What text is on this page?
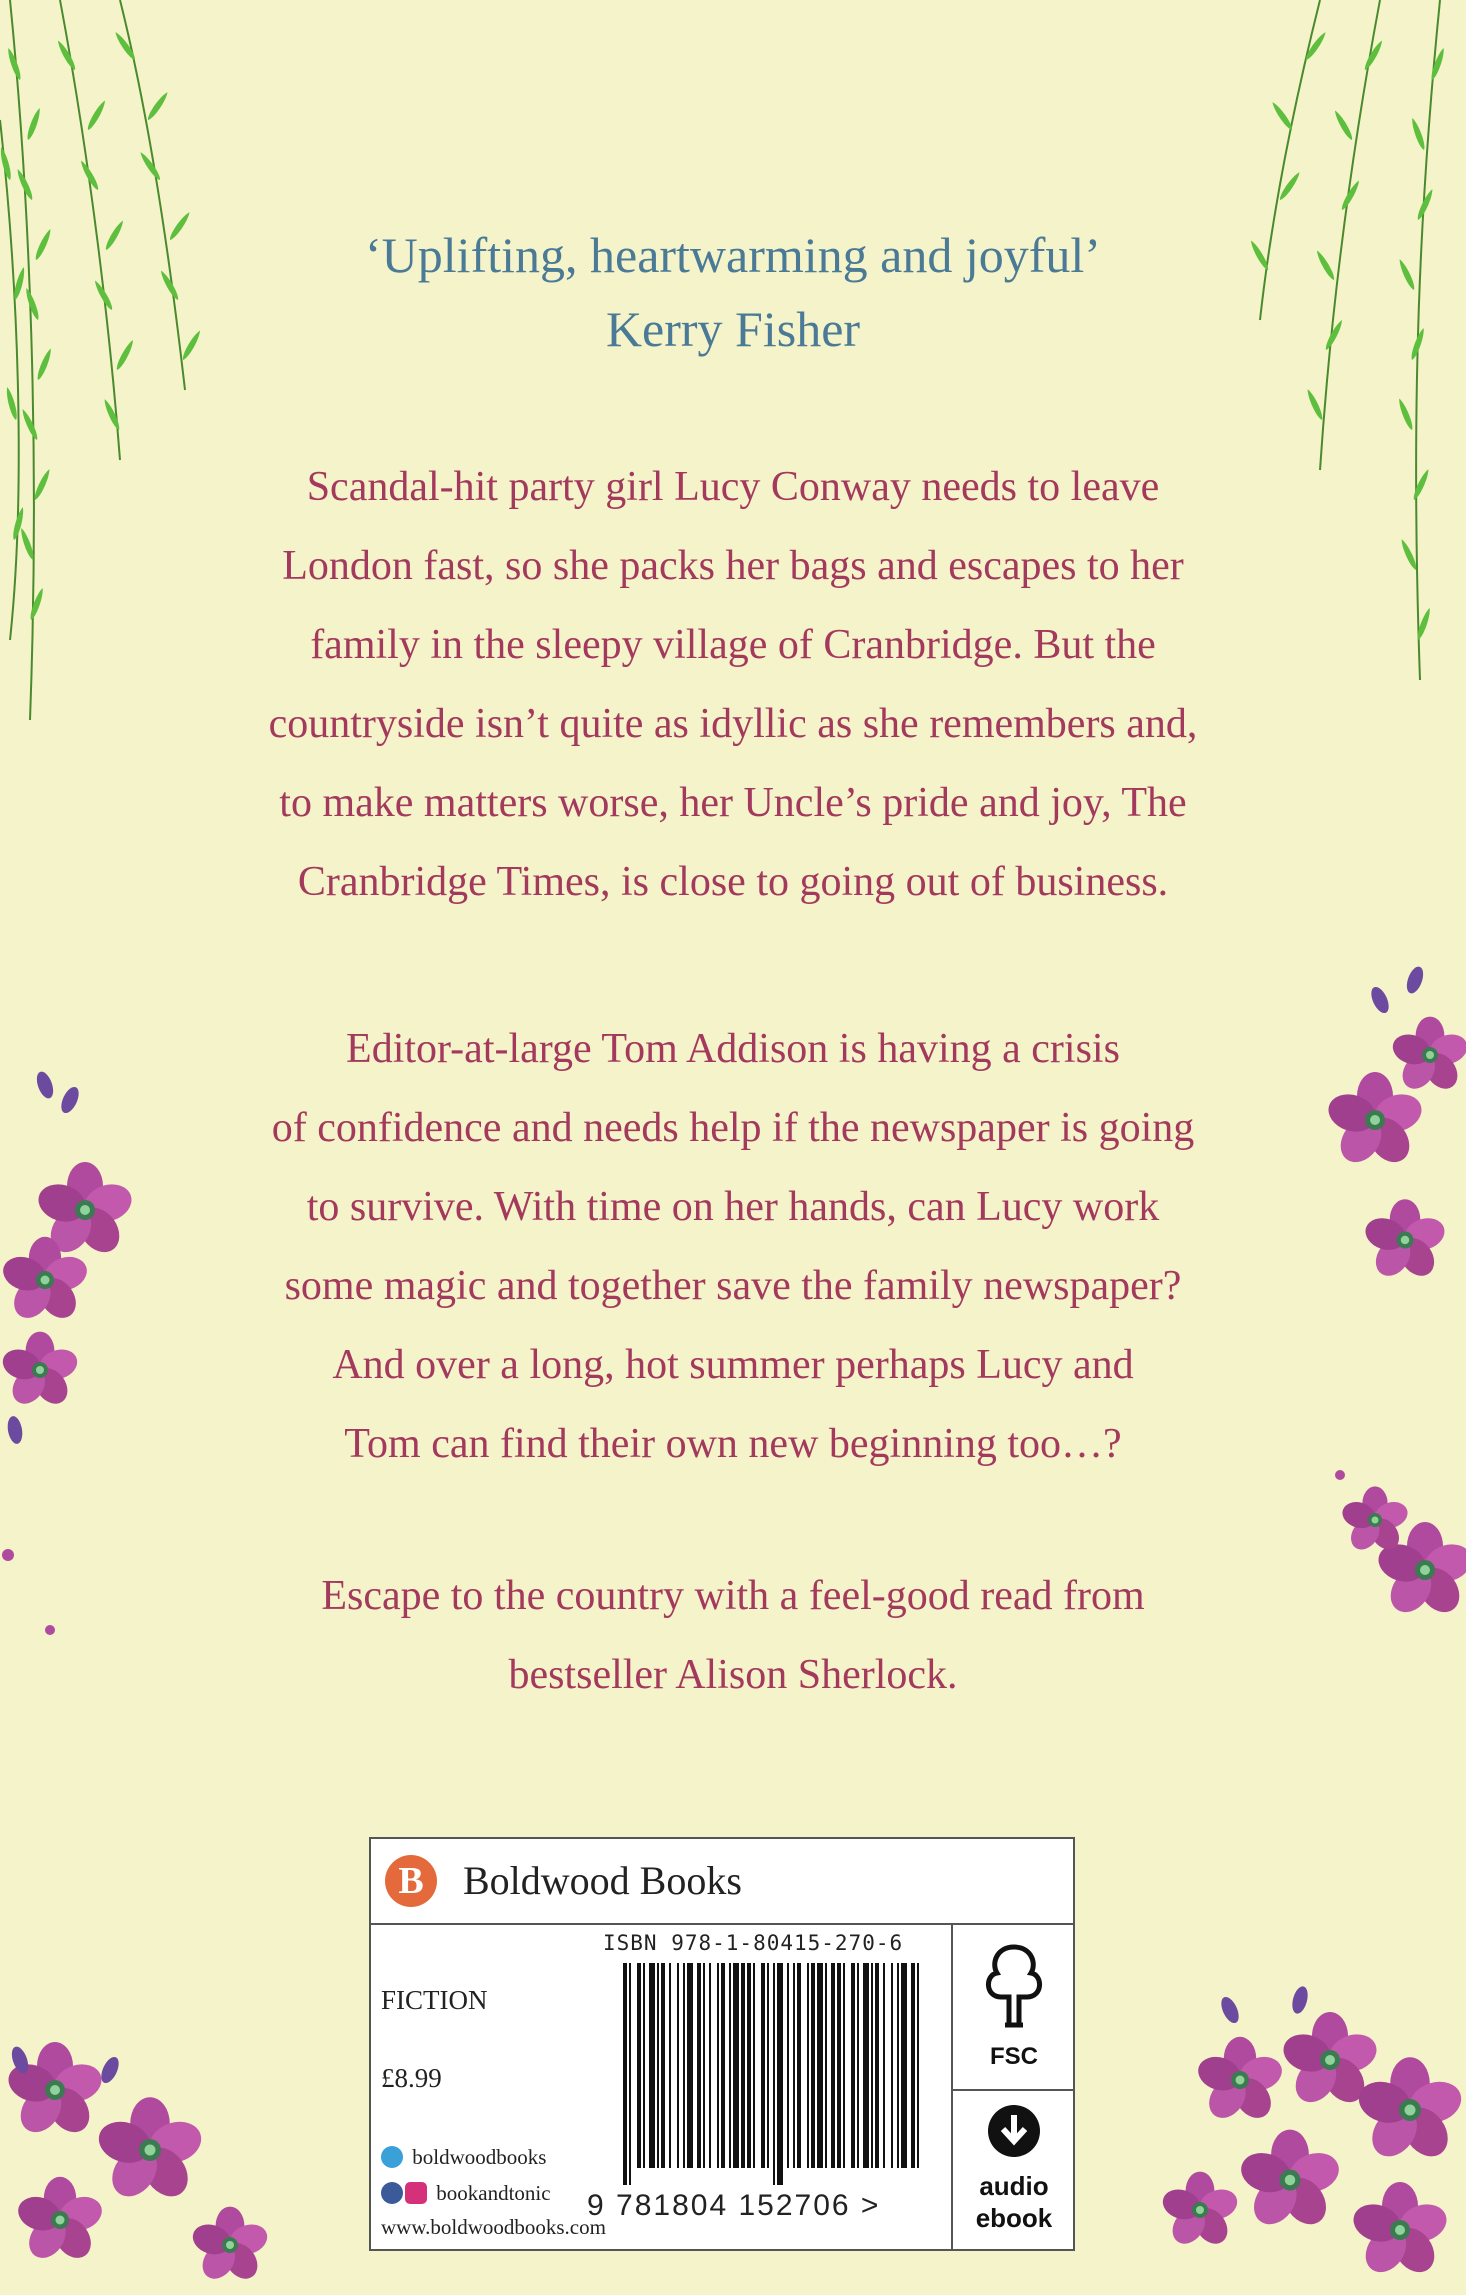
‘Uplifting, heartwarming and joyful’
Kerry Fisher
Scandal-hit party girl Lucy Conway needs to leave
London fast, so she packs her bags and escapes to her
family in the sleepy village of Cranbridge. But the
countryside isn’t quite as idyllic as she remembers and,
to make matters worse, her Uncle’s pride and joy, The
Cranbridge Times, is close to going out of business.
Editor-at-large Tom Addison is having a crisis
of confidence and needs help if the newspaper is going
to survive. With time on her hands, can Lucy work
some magic and together save the family newspaper?
And over a long, hot summer perhaps Lucy and
Tom can find their own new beginning too…?
Escape to the country with a feel-good read from
bestseller Alison Sherlock.
B Boldwood Books
FICTION
£8.99
boldwoodbooks
bookandtonic
www.boldwoodbooks.com
ISBN 978-1-80415-270-6
9 781804 152706 >
FSC
audio
ebook
